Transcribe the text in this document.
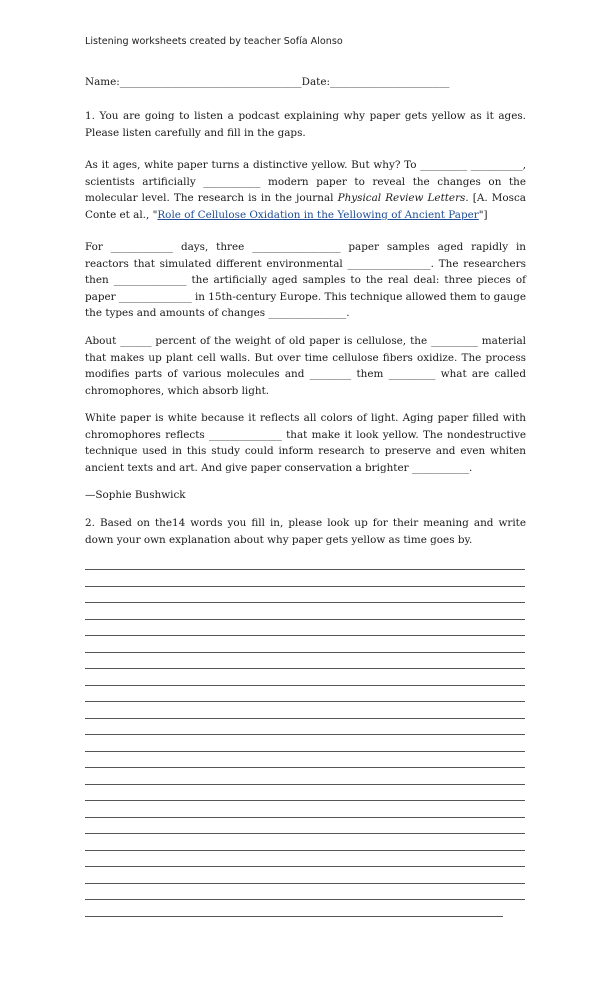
Listening worksheets created by teacher Sofía Alonso
Name:___________________________________Date:_______________________

1. You are going to listen a podcast explaining why paper gets yellow as it ages. Please listen carefully and fill in the gaps.

As it ages, white paper turns a distinctive yellow. But why? To _________ __________, scientists artificially ___________ modern paper to reveal the changes on the molecular level. The research is in the journal Physical Review Letters. [A. Mosca Conte et al., "Role of Cellulose Oxidation in the Yellowing of Ancient Paper"]

For ____________ days, three _________________ paper samples aged rapidly in reactors that simulated different environmental ________________. The researchers then ______________ the artificially aged samples to the real deal: three pieces of paper ______________ in 15th-century Europe. This technique allowed them to gauge the types and amounts of changes _______________.

About ______ percent of the weight of old paper is cellulose, the _________ material that makes up plant cell walls. But over time cellulose fibers oxidize. The process modifies parts of various molecules and ________ them _________ what are called chromophores, which absorb light.

White paper is white because it reflects all colors of light. Aging paper filled with chromophores reflects ______________ that make it look yellow. The nondestructive technique used in this study could inform research to preserve and even whiten ancient texts and art. And give paper conservation a brighter ___________.

—Sophie Bushwick

2. Based on the14 words you fill in, please look up for their meaning and write down your own explanation about why paper gets yellow as time goes by.
